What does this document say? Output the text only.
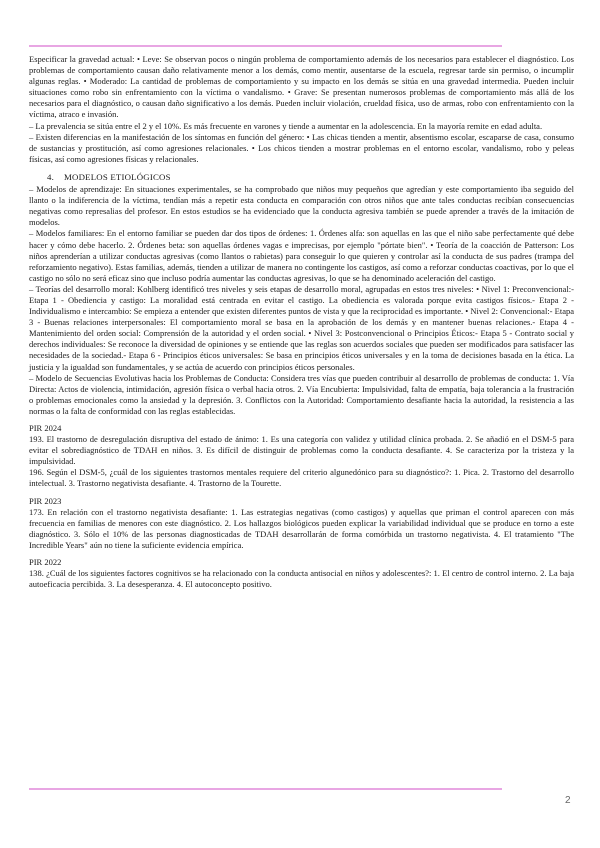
Especificar la gravedad actual: • Leve: Se observan pocos o ningún problema de comportamiento además de los necesarios para establecer el diagnóstico. Los problemas de comportamiento causan daño relativamente menor a los demás, como mentir, ausentarse de la escuela, regresar tarde sin permiso, o incumplir algunas reglas. • Moderado: La cantidad de problemas de comportamiento y su impacto en los demás se sitúa en una gravedad intermedia. Pueden incluir situaciones como robo sin enfrentamiento con la víctima o vandalismo. • Grave: Se presentan numerosos problemas de comportamiento más allá de los necesarios para el diagnóstico, o causan daño significativo a los demás. Pueden incluir violación, crueldad física, uso de armas, robo con enfrentamiento con la víctima, atraco e invasión.

– La prevalencia se sitúa entre el 2 y el 10%. Es más frecuente en varones y tiende a aumentar en la adolescencia. En la mayoría remite en edad adulta.

– Existen diferencias en la manifestación de los síntomas en función del género: • Las chicas tienden a mentir, absentismo escolar, escaparse de casa, consumo de sustancias y prostitución, así como agresiones relacionales. • Los chicos tienden a mostrar problemas en el entorno escolar, vandalismo, robo y peleas físicas, así como agresiones físicas y relacionales.

4. MODELOS ETIOLÓGICOS

– Modelos de aprendizaje: En situaciones experimentales, se ha comprobado que niños muy pequeños que agredían y este comportamiento iba seguido del llanto o la indiferencia de la víctima, tendían más a repetir esta conducta en comparación con otros niños que ante tales conductas recibían consecuencias negativas como represalias del profesor. En estos estudios se ha evidenciado que la conducta agresiva también se puede aprender a través de la imitación de modelos.

– Modelos familiares: En el entorno familiar se pueden dar dos tipos de órdenes: 1. Órdenes alfa: son aquellas en las que el niño sabe perfectamente qué debe hacer y cómo debe hacerlo. 2. Órdenes beta: son aquellas órdenes vagas e imprecisas, por ejemplo "pórtate bien". • Teoría de la coacción de Patterson: Los niños aprenderían a utilizar conductas agresivas (como llantos o rabietas) para conseguir lo que quieren y controlar así la conducta de sus padres (trampa del reforzamiento negativo). Estas familias, además, tienden a utilizar de manera no contingente los castigos, así como a reforzar conductas coactivas, por lo que el castigo no sólo no será eficaz sino que incluso podría aumentar las conductas agresivas, lo que se ha denominado aceleración del castigo.

– Teorías del desarrollo moral: Kohlberg identificó tres niveles y seis etapas de desarrollo moral, agrupadas en estos tres niveles: • Nivel 1: Preconvencional:- Etapa 1 - Obediencia y castigo: La moralidad está centrada en evitar el castigo. La obediencia es valorada porque evita castigos físicos.- Etapa 2 - Individualismo e intercambio: Se empieza a entender que existen diferentes puntos de vista y que la reciprocidad es importante. • Nivel 2: Convencional:- Etapa 3 - Buenas relaciones interpersonales: El comportamiento moral se basa en la aprobación de los demás y en mantener buenas relaciones.- Etapa 4 - Mantenimiento del orden social: Comprensión de la autoridad y el orden social. • Nivel 3: Postconvencional o Principios Éticos:- Etapa 5 - Contrato social y derechos individuales: Se reconoce la diversidad de opiniones y se entiende que las reglas son acuerdos sociales que pueden ser modificados para satisfacer las necesidades de la sociedad.- Etapa 6 - Principios éticos universales: Se basa en principios éticos universales y en la toma de decisiones basada en la ética. La justicia y la igualdad son fundamentales, y se actúa de acuerdo con principios éticos personales.

– Modelo de Secuencias Evolutivas hacia los Problemas de Conducta: Considera tres vías que pueden contribuir al desarrollo de problemas de conducta: 1. Vía Directa: Actos de violencia, intimidación, agresión física o verbal hacia otros. 2. Vía Encubierta: Impulsividad, falta de empatía, baja tolerancia a la frustración o problemas emocionales como la ansiedad y la depresión. 3. Conflictos con la Autoridad: Comportamiento desafiante hacia la autoridad, la resistencia a las normas o la falta de conformidad con las reglas establecidas.

PIR 2024

193. El trastorno de desregulación disruptiva del estado de ánimo: 1. Es una categoría con validez y utilidad clínica probada. 2. Se añadió en el DSM-5 para evitar el sobrediagnóstico de TDAH en niños. 3. Es difícil de distinguir de problemas como la conducta desafiante. 4. Se caracteriza por la tristeza y la impulsividad.

196. Según el DSM-5, ¿cuál de los siguientes trastornos mentales requiere del criterio algunedónico para su diagnóstico?: 1. Pica. 2. Trastorno del desarrollo intelectual. 3. Trastorno negativista desafiante. 4. Trastorno de la Tourette.

PIR 2023

173. En relación con el trastorno negativista desafiante: 1. Las estrategias negativas (como castigos) y aquellas que priman el control aparecen con más frecuencia en familias de menores con este diagnóstico. 2. Los hallazgos biológicos pueden explicar la variabilidad individual que se produce en torno a este diagnóstico. 3. Sólo el 10% de las personas diagnosticadas de TDAH desarrollarán de forma comórbida un trastorno negativista. 4. El tratamiento "The Incredible Years" aún no tiene la suficiente evidencia empírica.

PIR 2022

138. ¿Cuál de los siguientes factores cognitivos se ha relacionado con la conducta antisocial en niños y adolescentes?: 1. El centro de control interno. 2. La baja autoeficacia percibida. 3. La desesperanza. 4. El autoconcepto positivo.

2
